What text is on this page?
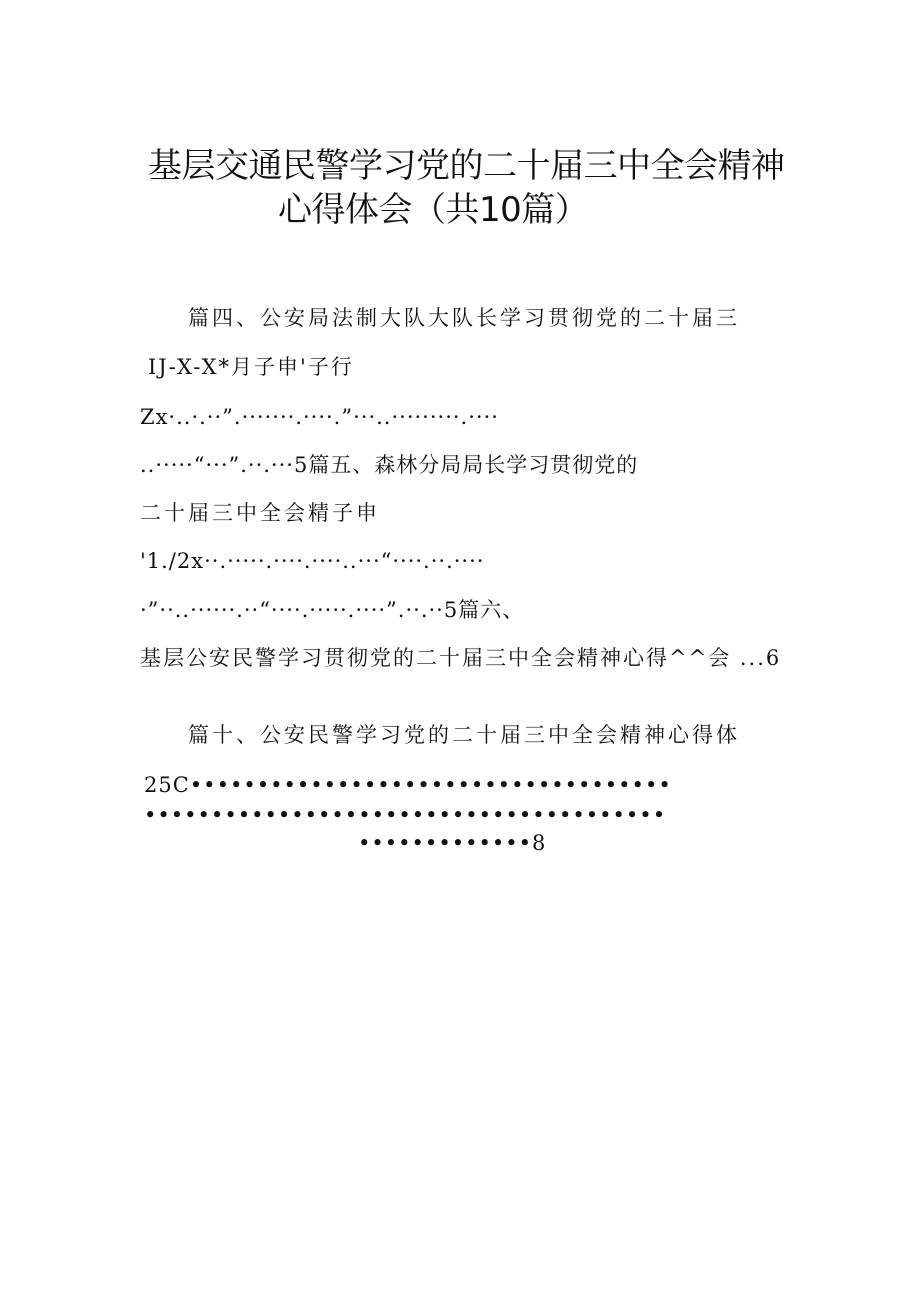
基层交通民警学习党的二十届三中全会精神
心得体会（共10篇）
篇四、公安局法制大队大队长学习贯彻党的二十届三
IJ-X-X*月子申'子行
Zx·..·.··”.·······.····.”···..·········.····
..·····“···”.··.···5篇五、森林分局局长学习贯彻党的
二十届三中全会精子申
'1./2x··.·····.····.····..···“····.··.····
·”··..······.··“····.·····.····”.··.··5篇六、
基层公安民警学习贯彻党的二十届三中全会精神心得^^会 ...6
篇十、公安民警学习党的二十届三中全会精神心得体
25C••••••••••••••••••••••••••••••••••••
•••••••••••••••••••••••••••••••••••••••
•••••••••••••8
